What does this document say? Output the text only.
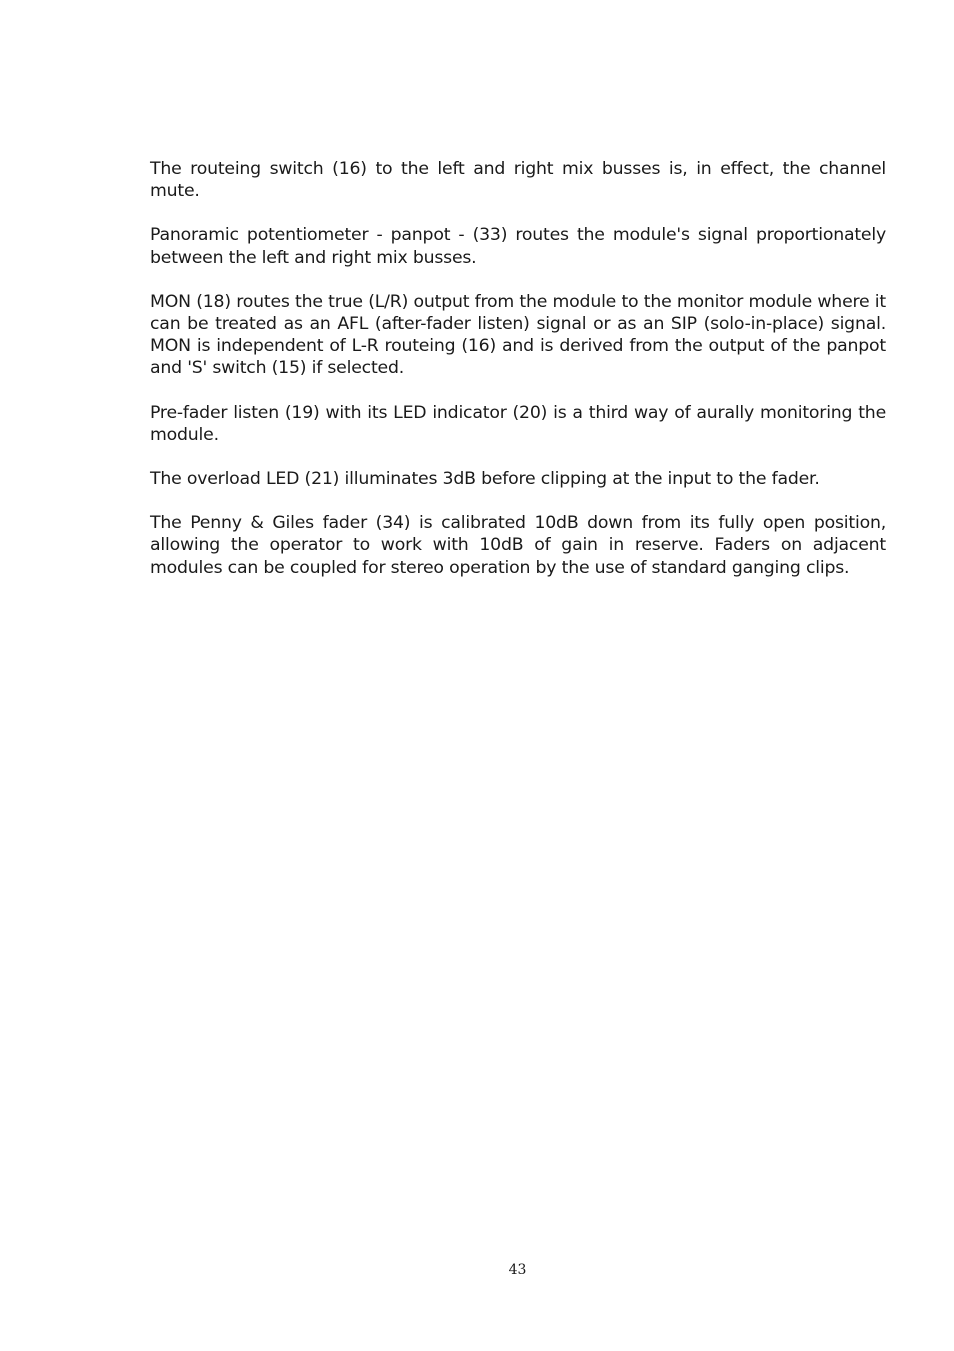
The routeing switch (16) to the left and right mix busses is, in effect, the channel mute.

Panoramic potentiometer - panpot - (33) routes the module's signal proportionately between the left and right mix busses.

MON (18) routes the true (L/R) output from the module to the monitor module where it can be treated as an AFL (after-fader listen) signal or as an SIP (solo-in-place) signal. MON is independent of L-R routeing (16) and is derived from the output of the panpot and 'S' switch (15) if selected.

Pre-fader listen (19) with its LED indicator (20) is a third way of aurally monitoring the module.

The overload LED (21) illuminates 3dB before clipping at the input to the fader.

The Penny & Giles fader (34) is calibrated 10dB down from its fully open position, allowing the operator to work with 10dB of gain in reserve. Faders on adjacent modules can be coupled for stereo operation by the use of standard ganging clips.

43
